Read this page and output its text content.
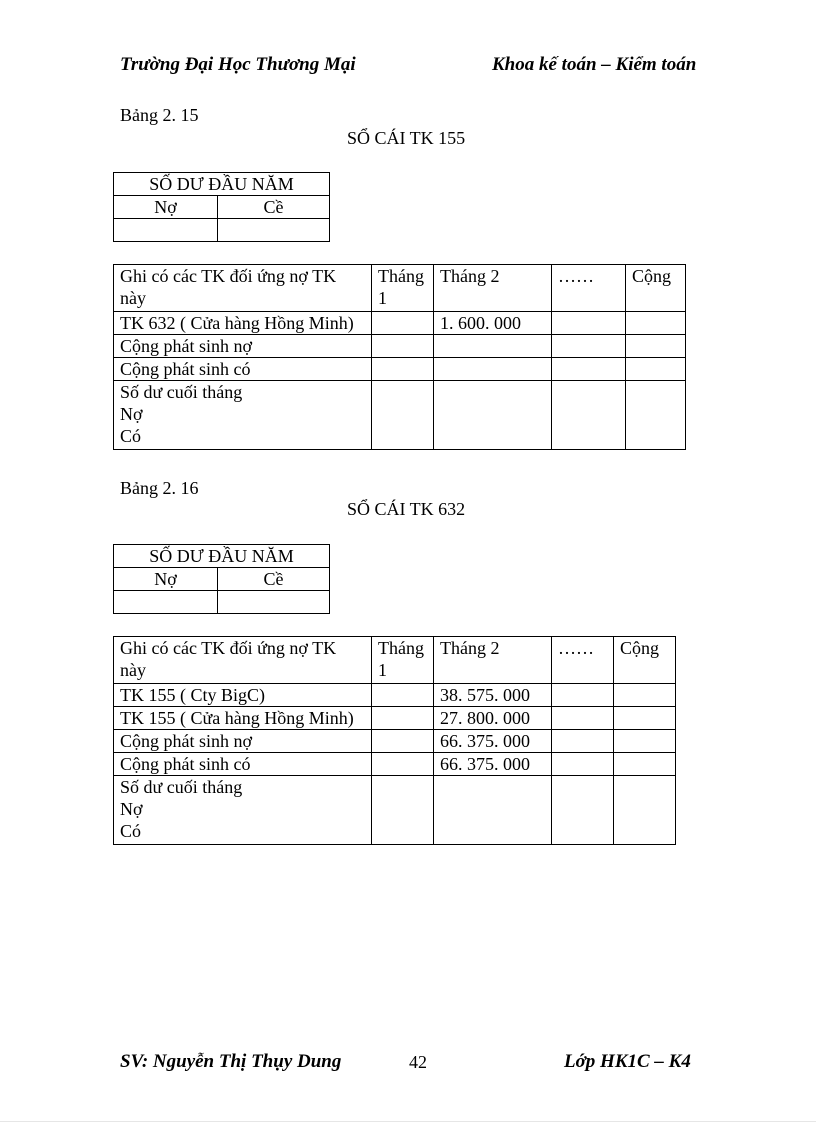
Trường Đại Học Thương Mại	Khoa kế toán – Kiểm toán
Bảng 2. 15
SỔ CÁI TK 155
SỐ DƯ ĐẦU NĂM	
Nợ	Cề

Ghi có các TK đối ứng nợ TK này	Tháng 1	Tháng 2	……	Cộng
TK 632 ( Cửa hàng Hồng Minh)		1. 600. 000		
Cộng phát sinh nợ				
Cộng phát sinh có				

Số dư cuối tháng
Nợ
Có				

Bảng 2. 16
SỔ CÁI TK 632
SỐ DƯ ĐẦU NĂM	
Nợ	Cề

Ghi có các TK đối ứng nợ TK này	Tháng 1	Tháng 2	……	Cộng
TK 155 ( Cty BigC)		38. 575. 000		
TK 155 ( Cửa hàng Hồng Minh)		27. 800. 000		
Cộng phát sinh nợ		66. 375. 000		
Cộng phát sinh có		66. 375. 000		

Số dư cuối tháng
Nợ
Có				

SV: Nguyễn Thị Thụy Dung	42	Lớp HK1C – K4
